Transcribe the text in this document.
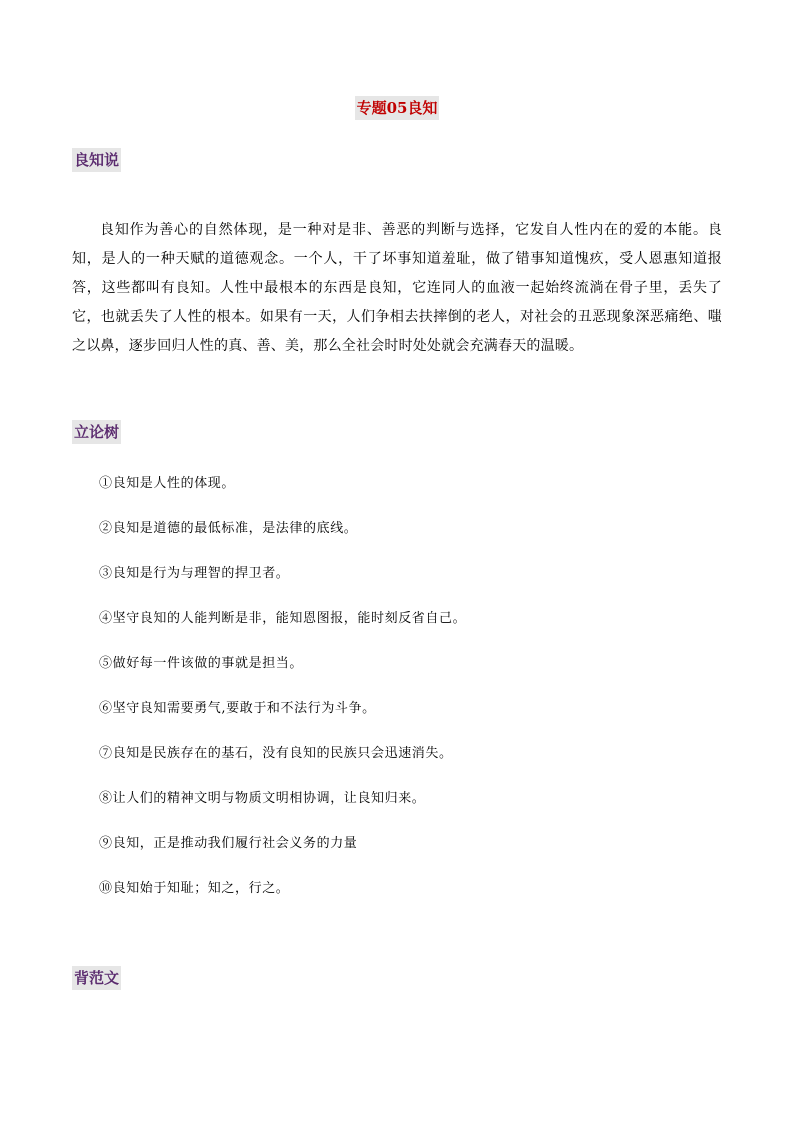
专题05良知
良知说

良知作为善心的自然体现，是一种对是非、善恶的判断与选择，它发自人性内在的爱的本能。良知，是人的一种天赋的道德观念。一个人，干了坏事知道羞耻，做了错事知道愧疚，受人恩惠知道报答，这些都叫有良知。人性中最根本的东西是良知，它连同人的血液一起始终流淌在骨子里，丢失了它，也就丢失了人性的根本。如果有一天，人们争相去扶摔倒的老人，对社会的丑恶现象深恶痛绝、嗤之以鼻，逐步回归人性的真、善、美，那么全社会时时处处就会充满春天的温暖。

立论树
①良知是人性的体现。
②良知是道德的最低标准，是法律的底线。
③良知是行为与理智的捍卫者。
④坚守良知的人能判断是非，能知恩图报，能时刻反省自己。
⑤做好每一件该做的事就是担当。
⑥坚守良知需要勇气,要敢于和不法行为斗争。
⑦良知是民族存在的基石，没有良知的民族只会迅速消失。
⑧让人们的精神文明与物质文明相协调，让良知归来。
⑨良知，正是推动我们履行社会义务的力量
⑩良知始于知耻；知之，行之。
背范文
